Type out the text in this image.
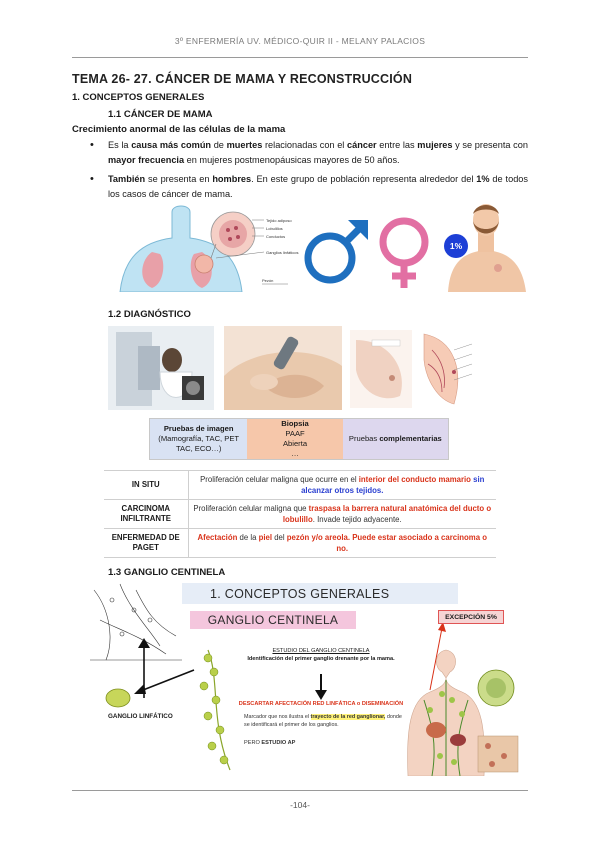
3º ENFERMERÍA UV. MÉDICO-QUIR II - MELANY PALACIOS
TEMA 26- 27. CÁNCER DE MAMA Y RECONSTRUCCIÓN
1. CONCEPTOS GENERALES
1.1 CÁNCER DE MAMA
Crecimiento anormal de las células de la mama
• Es la causa más común de muertes relacionadas con el cáncer entre las mujeres y se presenta con mayor frecuencia en mujeres postmenopáusicas mayores de 50 años.
• También se presenta en hombres. En este grupo de población representa alrededor del 1% de todos los casos de cáncer de mama.
Tejido adiposo
Lobulillos
Conductos
Ganglios linfáticos
Pezón
1%
1.2 DIAGNÓSTICO
Pruebas de imagen
(Mamografía, TAC, PET TAC, ECO…)
Biopsia
PAAF
Abierta
…
Pruebas complementarias
IN SITU	Proliferación celular maligna que ocurre en el interior del conducto mamario sin alcanzar otros tejidos.
CARCINOMA INFILTRANTE	Proliferación celular maligna que traspasa la barrera natural anatómica del ducto o lobulillo. Invade tejido adyacente.
ENFERMEDAD DE PAGET	Afectación de la piel del pezón y/o areola. Puede estar asociado a carcinoma o no.
1.3 GANGLIO CENTINELA
1. CONCEPTOS GENERALES
GANGLIO CENTINELA	EXCEPCIÓN 5%
ESTUDIO DEL GANGLIO CENTINELA
Identificación del primer ganglio drenante por la mama.
DESCARTAR AFECTACIÓN RED LINFÁTICA o DISEMINACIÓN
Marcador que nos ilustra el trayecto de la red ganglionar, donde se identificará el primer de los ganglios.
PERO ESTUDIO AP
GANGLIO LINFÁTICO
-104-
